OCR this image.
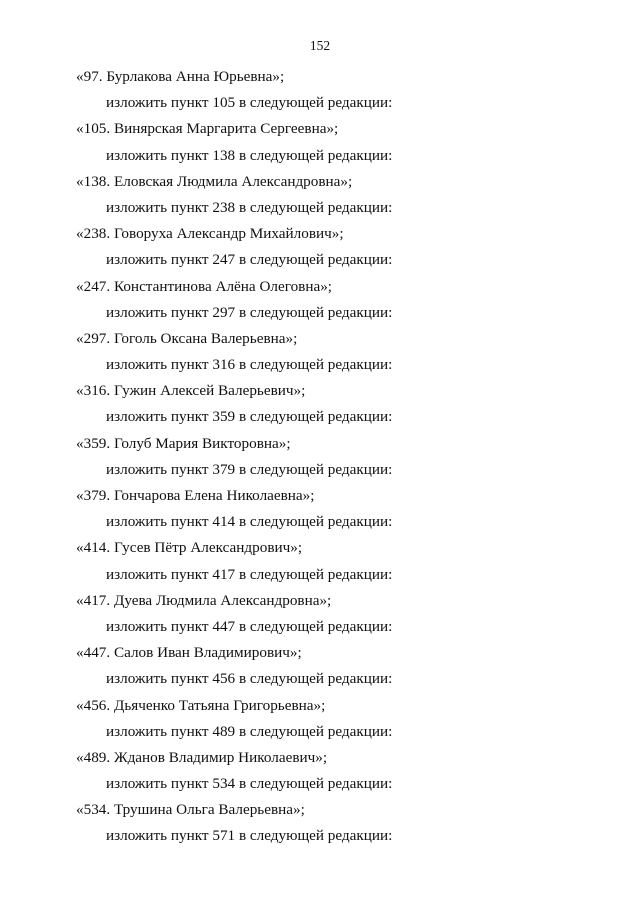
152
«97. Бурлакова Анна Юрьевна»;
изложить пункт 105 в следующей редакции:
«105. Винярская Маргарита Сергеевна»;
изложить пункт 138 в следующей редакции:
«138. Еловская Людмила Александровна»;
изложить пункт 238 в следующей редакции:
«238. Говоруха Александр Михайлович»;
изложить пункт 247 в следующей редакции:
«247. Константинова Алёна Олеговна»;
изложить пункт 297 в следующей редакции:
«297. Гоголь Оксана Валерьевна»;
изложить пункт 316 в следующей редакции:
«316. Гужин Алексей Валерьевич»;
изложить пункт 359 в следующей редакции:
«359. Голуб Мария Викторовна»;
изложить пункт 379 в следующей редакции:
«379. Гончарова Елена Николаевна»;
изложить пункт 414 в следующей редакции:
«414. Гусев Пётр Александрович»;
изложить пункт 417 в следующей редакции:
«417. Дуева Людмила Александровна»;
изложить пункт 447 в следующей редакции:
«447. Салов Иван Владимирович»;
изложить пункт 456 в следующей редакции:
«456. Дьяченко Татьяна Григорьевна»;
изложить пункт 489 в следующей редакции:
«489. Жданов Владимир Николаевич»;
изложить пункт 534 в следующей редакции:
«534. Трушина Ольга Валерьевна»;
изложить пункт 571 в следующей редакции:
